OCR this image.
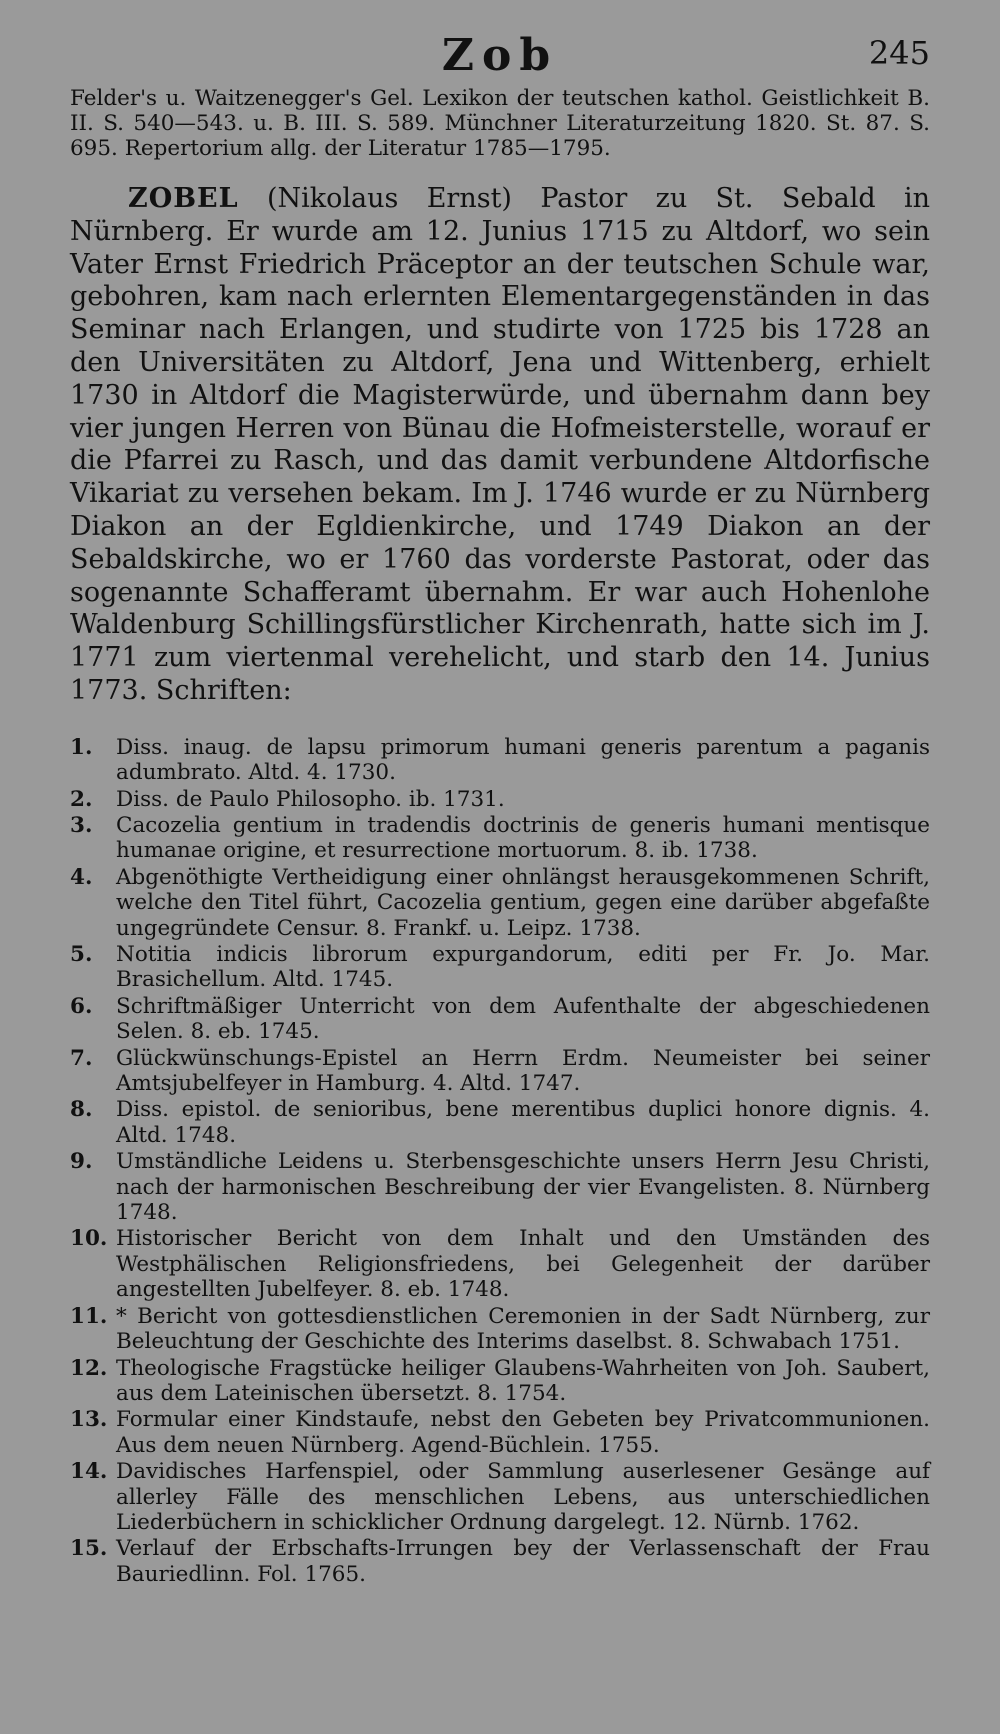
Zob	245

Felder's u. Waitzenegger's Gel. Lexikon der teutschen kathol. Geistlichkeit B. II. S. 540—543. u. B. III. S. 589. Münchner Literaturzeitung 1820. St. 87. S. 695. Repertorium allg. der Literatur 1785—1795.

ZOBEL (Nikolaus Ernst) Pastor zu St. Sebald in Nürnberg. Er wurde am 12. Junius 1715 zu Altdorf, wo sein Vater Ernst Friedrich Präceptor an der teutschen Schule war, gebohren, kam nach erlernten Elementargegenständen in das Seminar nach Erlangen, und studirte von 1725 bis 1728 an den Universitäten zu Altdorf, Jena und Wittenberg, erhielt 1730 in Altdorf die Magisterwürde, und übernahm dann bey vier jungen Herren von Bünau die Hofmeisterstelle, worauf er die Pfarrei zu Rasch, und das damit verbundene Altdorfische Vikariat zu versehen bekam. Im J. 1746 wurde er zu Nürnberg Diakon an der Egldienkirche, und 1749 Diakon an der Sebaldskirche, wo er 1760 das vorderste Pastorat, oder das sogenannte Schafferamt übernahm. Er war auch Hohenlohe Waldenburg Schillingsfürstlicher Kirchenrath, hatte sich im J. 1771 zum viertenmal verehelicht, und starb den 14. Junius 1773. Schriften:

1.	Diss. inaug. de lapsu primorum humani generis parentum a paganis adumbrato. Altd. 4. 1730.
2.	Diss. de Paulo Philosopho. ib. 1731.
3.	Cacozelia gentium in tradendis doctrinis de generis humani mentisque humanae origine, et resurrectione mortuorum. 8. ib. 1738.
4.	Abgenöthigte Vertheidigung einer ohnlängst herausgekommenen Schrift, welche den Titel führt, Cacozelia gentium, gegen eine darüber abgefaßte ungegründete Censur. 8. Frankf. u. Leipz. 1738.
5.	Notitia indicis librorum expurgandorum, editi per Fr. Jo. Mar. Brasichellum. Altd. 1745.
6.	Schriftmäßiger Unterricht von dem Aufenthalte der abgeschiedenen Selen. 8. eb. 1745.
7.	Glückwünschungs-Epistel an Herrn Erdm. Neumeister bei seiner Amtsjubelfeyer in Hamburg. 4. Altd. 1747.
8.	Diss. epistol. de senioribus, bene merentibus duplici honore dignis. 4. Altd. 1748.
9.	Umständliche Leidens u. Sterbensgeschichte unsers Herrn Jesu Christi, nach der harmonischen Beschreibung der vier Evangelisten. 8. Nürnberg 1748.
10. Historischer Bericht von dem Inhalt und den Umständen des Westphälischen Religionsfriedens, bei Gelegenheit der darüber angestellten Jubelfeyer. 8. eb. 1748.
11. * Bericht von gottesdienstlichen Ceremonien in der Sadt Nürnberg, zur Beleuchtung der Geschichte des Interims daselbst. 8. Schwabach 1751.
12. Theologische Fragstücke heiliger Glaubens-Wahrheiten von Joh. Saubert, aus dem Lateinischen übersetzt. 8. 1754.
13. Formular einer Kindstaufe, nebst den Gebeten bey Privatcommunionen. Aus dem neuen Nürnberg. Agend-Büchlein. 1755.
14. Davidisches Harfenspiel, oder Sammlung auserlesener Gesänge auf allerley Fälle des menschlichen Lebens, aus unterschiedlichen Liederbüchern in schicklicher Ordnung dargelegt. 12. Nürnb. 1762.
15. Verlauf der Erbschafts-Irrungen bey der Verlassenschaft der Frau Bauriedlinn. Fol. 1765.
